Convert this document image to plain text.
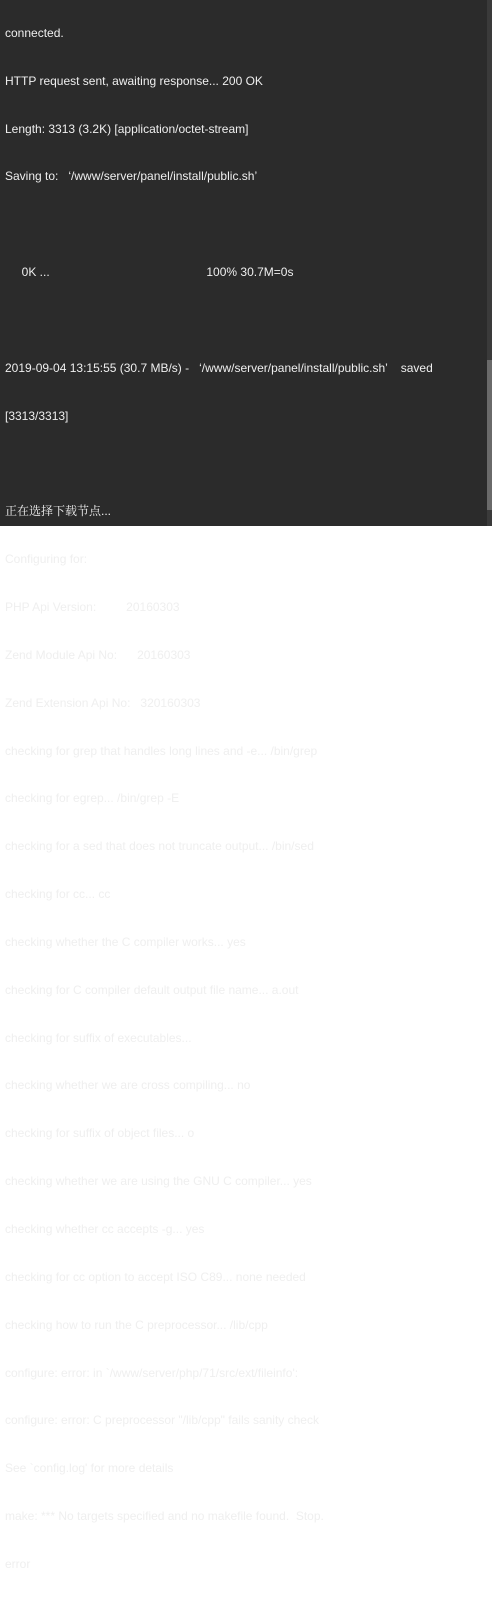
connected.

HTTP request sent, awaiting response... 200 OK

Length: 3313 (3.2K) [application/octet-stream]

Saving to:   ‘/www/server/panel/install/public.sh’

0K ...                                               100% 30.7M=0s

2019-09-04 13:15:55 (30.7 MB/s) -   ‘/www/server/panel/install/public.sh’    saved

[3313/3313]

正在选择下载节点...

Configuring for:

PHP Api Version:         20160303

Zend Module Api No:      20160303

Zend Extension Api No:   320160303

checking for grep that handles long lines and -e... /bin/grep

checking for egrep... /bin/grep -E

checking for a sed that does not truncate output... /bin/sed

checking for cc... cc

checking whether the C compiler works... yes

checking for C compiler default output file name... a.out

checking for suffix of executables...

checking whether we are cross compiling... no

checking for suffix of object files... o

checking whether we are using the GNU C compiler... yes

checking whether cc accepts -g... yes

checking for cc option to accept ISO C89... none needed

checking how to run the C preprocessor... /lib/cpp

configure: error: in `/www/server/php/71/src/ext/fileinfo':

configure: error: C preprocessor "/lib/cpp" fails sanity check

See `config.log' for more details

make: *** No targets specified and no makefile found.  Stop.

error
